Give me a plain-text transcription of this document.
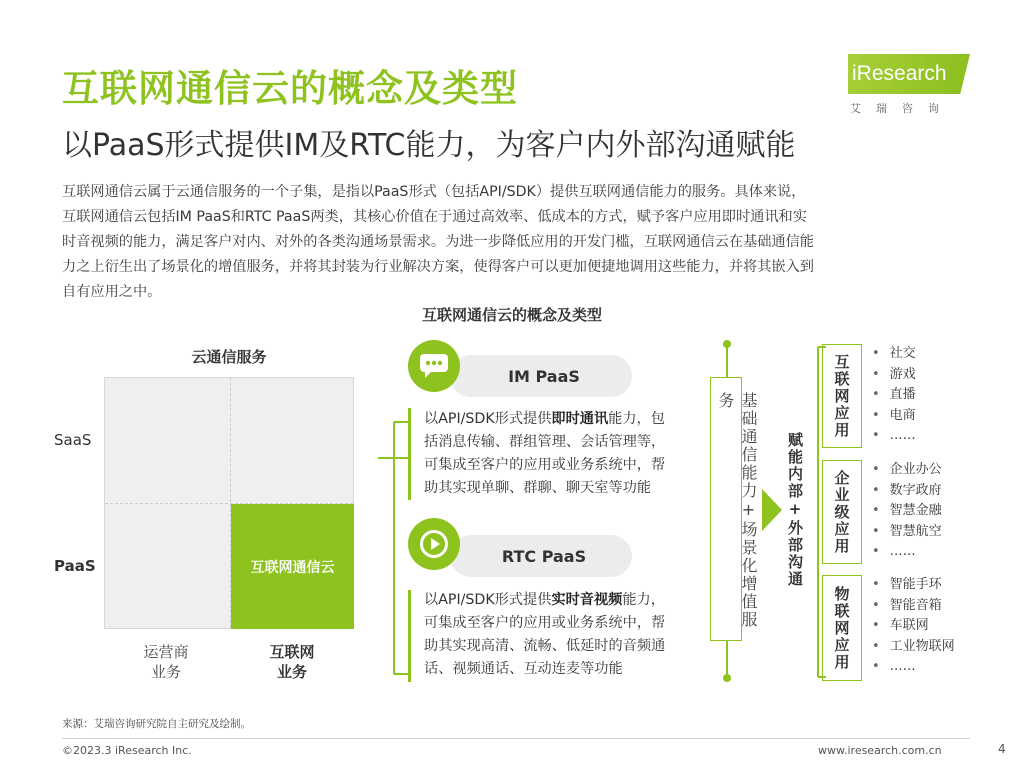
互联网通信云的概念及类型
以PaaS形式提供IM及RTC能力，为客户内外部沟通赋能
iResearch
艾瑞咨询
互联网通信云属于云通信服务的一个子集，是指以PaaS形式（包括API/SDK）提供互联网通信能力的服务。具体来说，
互联网通信云包括IM PaaS和RTC PaaS两类，其核心价值在于通过高效率、低成本的方式，赋予客户应用即时通讯和实
时音视频的能力，满足客户对内、对外的各类沟通场景需求。为进一步降低应用的开发门槛，互联网通信云在基础通信能
力之上衍生出了场景化的增值服务，并将其封装为行业解决方案，使得客户可以更加便捷地调用这些能力，并将其嵌入到
自有应用之中。
互联网通信云的概念及类型
云通信服务
互联网通信云
SaaS
PaaS
运营商
业务
互联网
业务
IM PaaS
以API/SDK形式提供即时通讯能力，包
括消息传输、群组管理、会话管理等，
可集成至客户的应用或业务系统中，帮
助其实现单聊、群聊、聊天室等功能
RTC PaaS
以API/SDK形式提供实时音视频能力，
可集成至客户的应用或业务系统中，帮
助其实现高清、流畅、低延时的音频通
话、视频通话、互动连麦等功能
基础通信能力+场景化增值服务
赋能内部+外部沟通
互联网应用	• 社交
• 游戏
• 直播
• 电商
• ……
企业级应用	• 企业办公
• 数字政府
• 智慧金融
• 智慧航空
• ……
物联网应用
• 智能手环
• 智能音箱
• 车联网
• 工业物联网
• ……
来源：艾瑞咨询研究院自主研究及绘制。
©2023.3 iResearch Inc.	www.iresearch.com.cn	4
